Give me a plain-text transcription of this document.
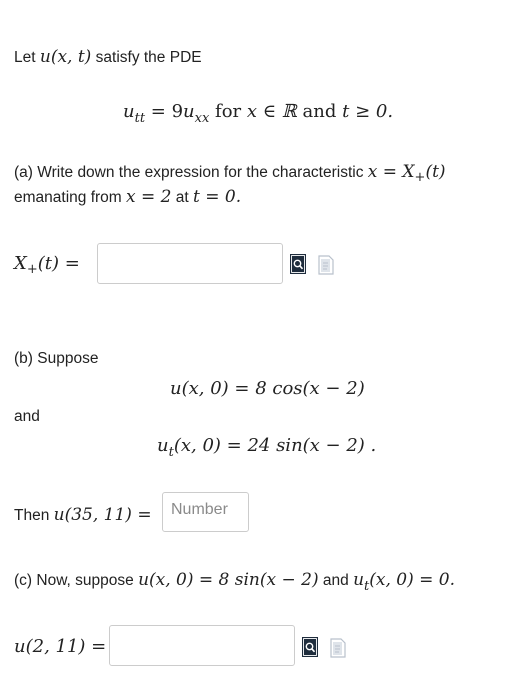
Let u(x, t) satisfy the PDE
$u_{tt} = 9u_{xx}$ for x ∈ ℝ and t ≥ 0.
(a) Write down the expression for the characteristic $x = X_+(t)$
emanating from x = 2 at t = 0.
$X_+(t)$ =
(b) Suppose
u(x, 0) = 8 cos(x − 2)
and
$u_t(x$, 0) = 24 sin(x − 2) .
Then u(35, 11) =	Number
(c) Now, suppose u(x, 0) = 8 sin(x − 2) and $u_t(x$, 0) = 0.
u(2, 11) =
